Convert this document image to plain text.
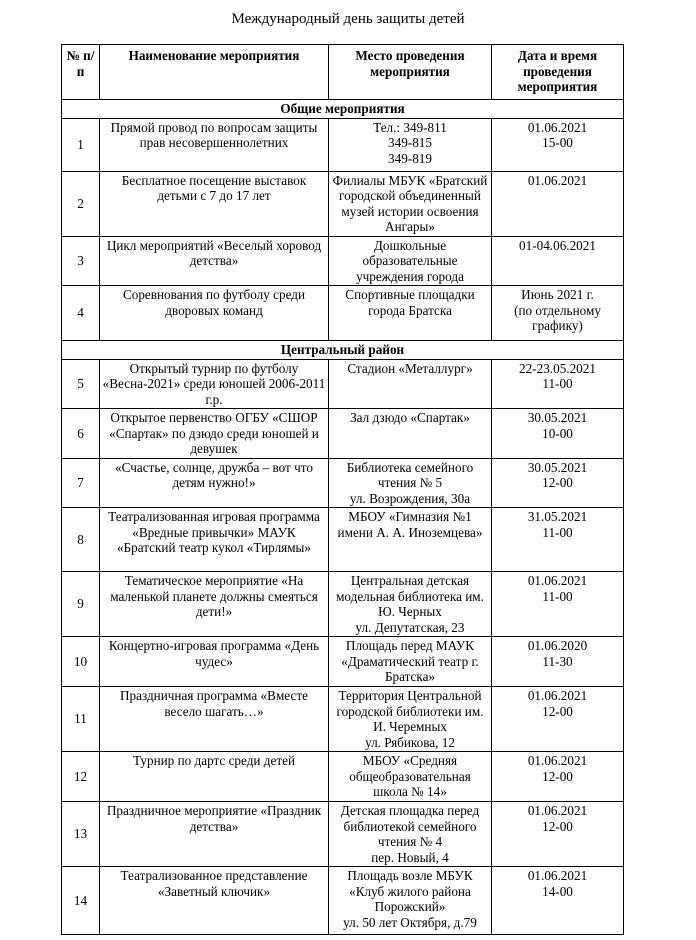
Международный день защиты детей
№ п/п	Наименование мероприятия	Место проведения мероприятия	Дата и время проведения мероприятия
Общие мероприятия			
1	Прямой провод по вопросам защиты прав несовершеннолетних	Тел.: 349-811
349-815
349-819	01.06.2021
15-00
2	Бесплатное посещение выставок детьми с 7 до 17 лет	Филиалы МБУК «Братский городской объединенный музей истории освоения Ангары»	01.06.2021
3	Цикл мероприятий «Веселый хоровод детства»	Дошкольные образовательные учреждения города	01-04.06.2021
4	Соревнования по футболу среди дворовых команд	Спортивные площадки города Братска	Июнь 2021 г.
(по отдельному графику)
Центральный район			
5	Открытый турнир по футболу «Весна-2021» среди юношей 2006-2011 г.р.	Стадион «Металлург»	22-23.05.2021
11-00
6	Открытое первенство ОГБУ «СШОР «Спартак» по дзюдо среди юношей и девушек	Зал дзюдо «Спартак»	30.05.2021
10-00
7	«Счастье, солнце, дружба – вот что детям нужно!»	Библиотека семейного чтения № 5
ул. Возрождения, 30а	30.05.2021
12-00
8	Театрализованная игровая программа «Вредные привычки» МАУК «Братский театр кукол «Тирлямы»	МБОУ «Гимназия №1 имени А. А. Иноземцева»	31.05.2021
11-00
9	Тематическое мероприятие «На маленькой планете должны смеяться дети!»	Центральная детская модельная библиотека им. Ю. Черных
ул. Депутатская, 23	01.06.2021
11-00
10	Концертно-игровая программа «День чудес»	Площадь перед МАУК «Драматический театр г. Братска»	01.06.2020
11-30
11	Праздничная программа «Вместе весело шагать…»	Территория Центральной городской библиотеки им. И. Черемных
ул. Рябикова, 12	01.06.2021
12-00
12	Турнир по дартс среди детей	МБОУ «Средняя общеобразовательная школа № 14»	01.06.2021
12-00
13	Праздничное мероприятие «Праздник детства»	Детская площадка перед библиотекой семейного чтения № 4
пер. Новый, 4	01.06.2021
12-00
14	Театрализованное представление «Заветный ключик»	Площадь возле МБУК «Клуб жилого района Порожский»
ул. 50 лет Октября, д.79	01.06.2021
14-00
